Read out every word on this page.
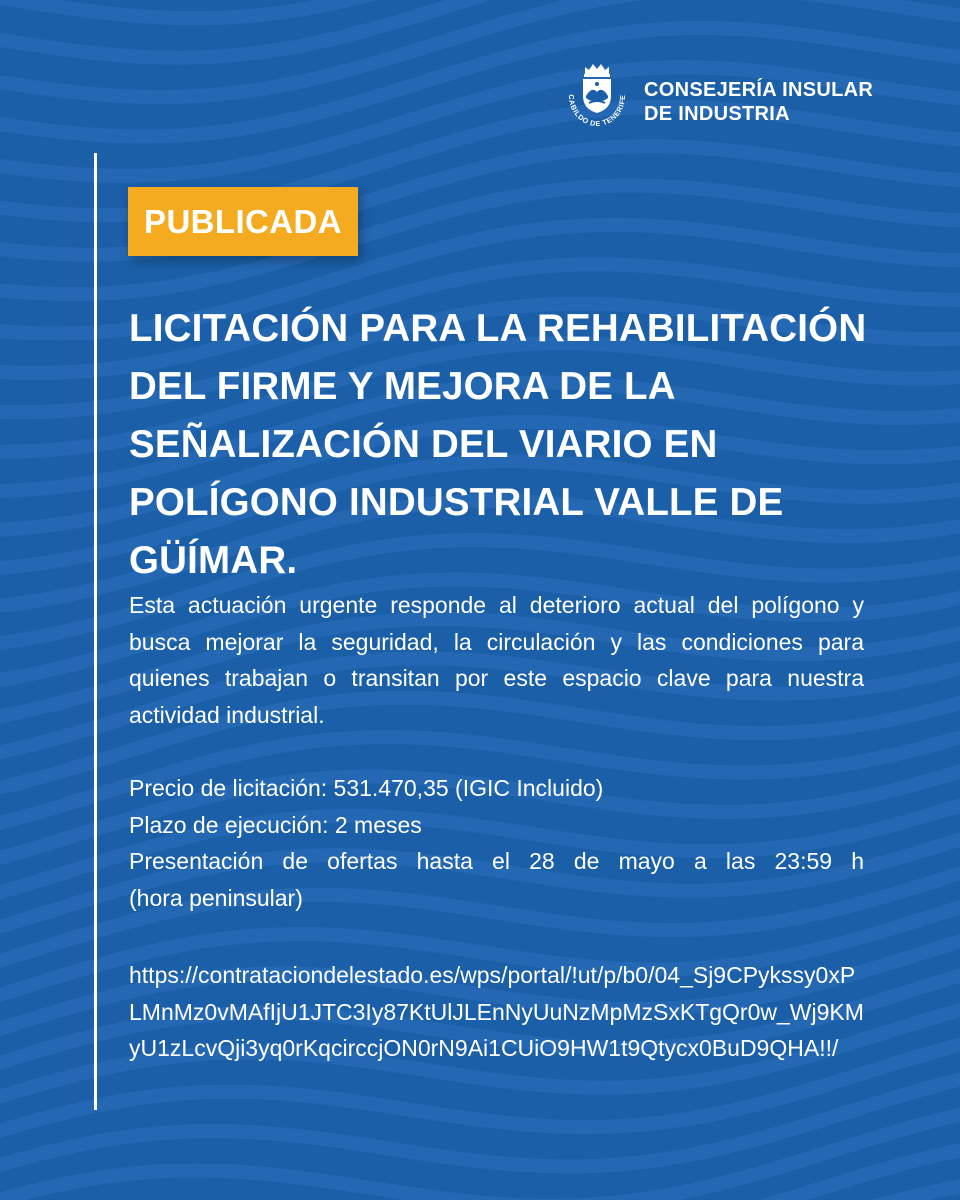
CABILDO DE TENERIFE CONSEJERÍA INSULAR
DE INDUSTRIA
PUBLICADA
LICITACIÓN PARA LA REHABILITACIÓN
DEL FIRME Y MEJORA DE LA
SEÑALIZACIÓN DEL VIARIO EN
POLÍGONO INDUSTRIAL VALLE DE
GÜÍMAR.

Esta actuación urgente responde al deterioro actual del polígono y busca mejorar la seguridad, la circulación y las condiciones para quienes trabajan o transitan por este espacio clave para nuestra actividad industrial.

Precio de licitación: 531.470,35 (IGIC Incluido)

Plazo de ejecución: 2 meses

Presentación de ofertas hasta el 28 de mayo a las 23:59 h

(hora peninsular)

https://contrataciondelestado.es/wps/portal/!ut/p/b0/04_Sj9CPykssy0xPLMnMz0vMAfIjU1JTC3Iy87KtUlJLEnNyUuNzMpMzSxKTgQr0w_Wj9KMyU1zLcvQji3yq0rKqcirccjON0rN9Ai1CUiO9HW1t9Qtycx0BuD9QHA!!/
